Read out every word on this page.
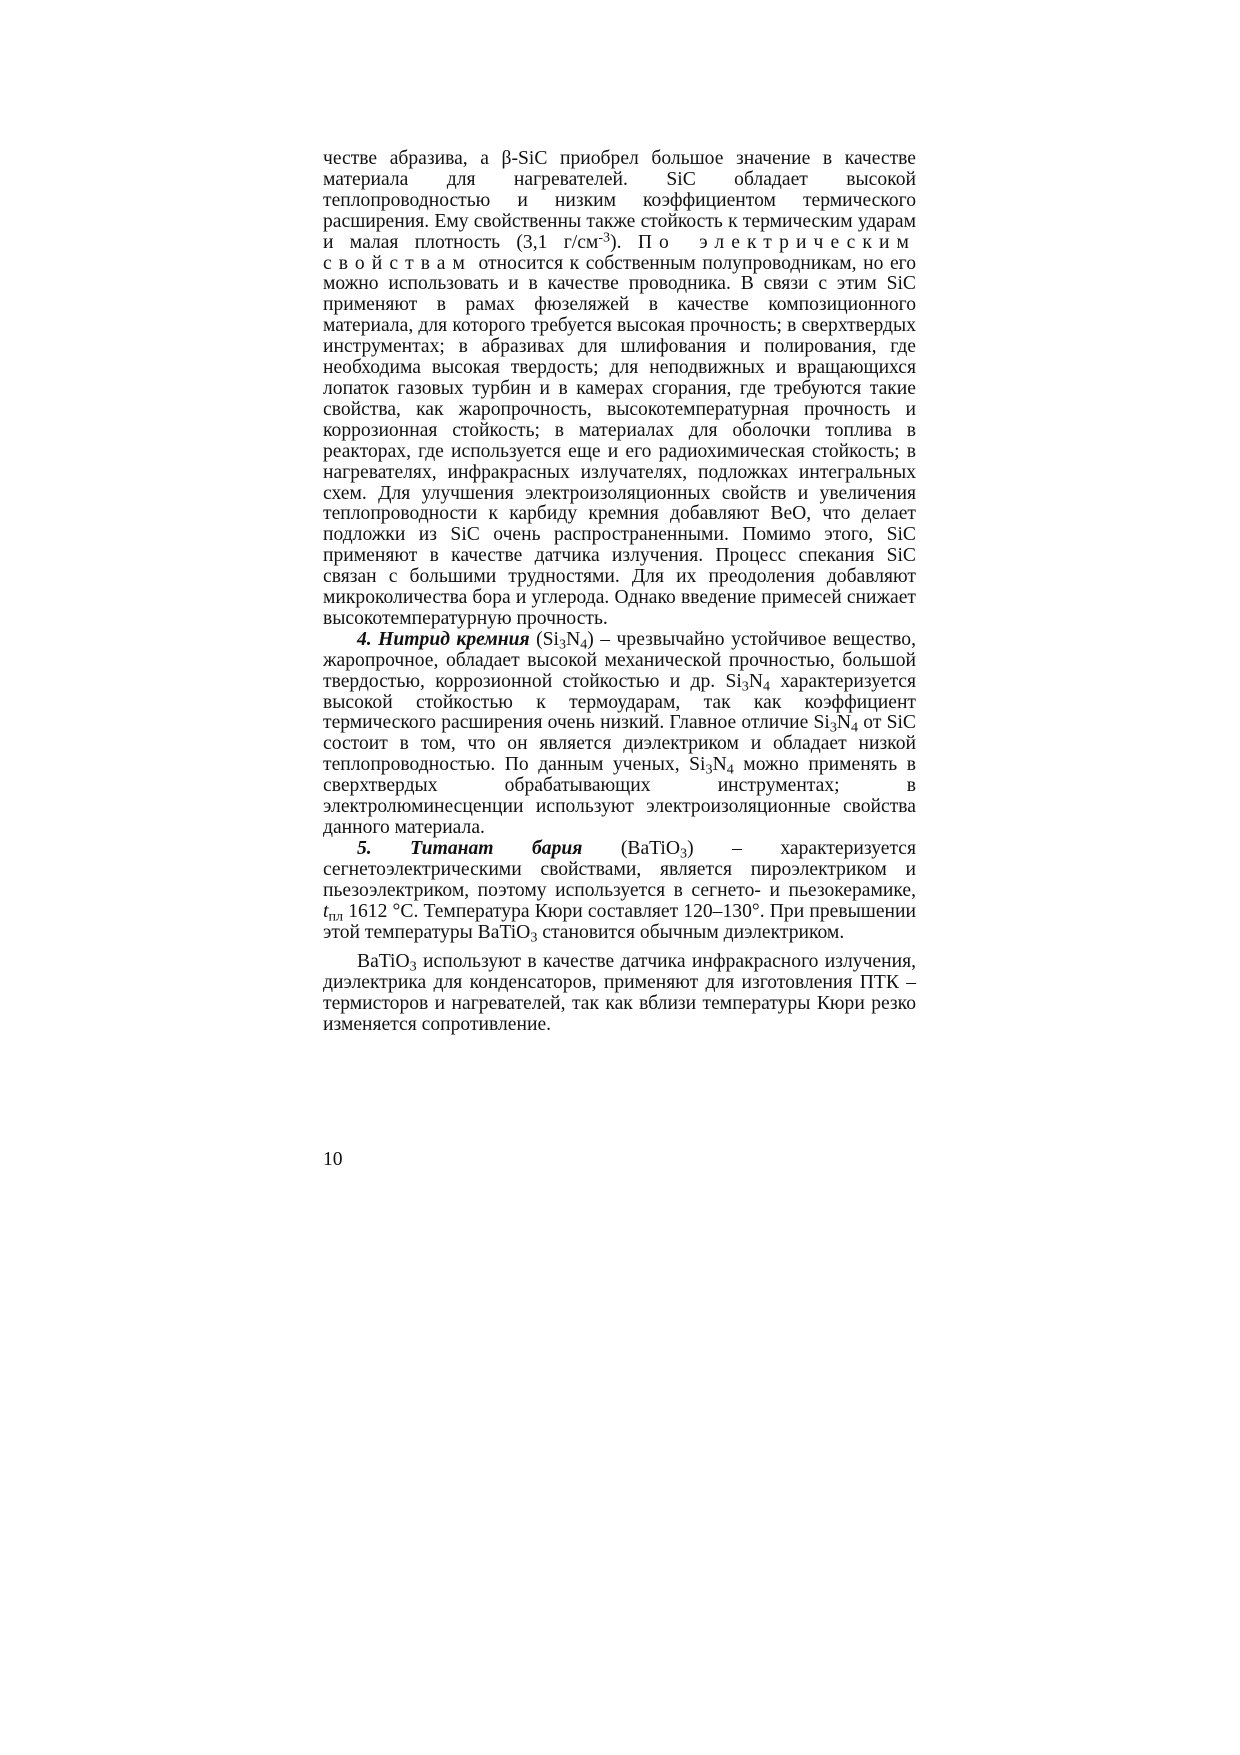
честве абразива, а β-SiC приобрел большое значение в качестве материала для нагревателей. SiC обладает высокой теплопроводностью и низким коэффициентом термического расширения. Ему свойственны также стойкость к термическим ударам и малая плотность (3,1 $г/см^{-3}$). По электрическим свойствам относится к собственным полупроводникам, но его можно использовать и в качестве проводника. В связи с этим SiC применяют в рамах фюзеляжей в качестве композиционного материала, для которого требуется высокая прочность; в сверхтвердых инструментах; в абразивах для шлифования и полирования, где необходима высокая твердость; для неподвижных и вращающихся лопаток газовых турбин и в камерах сгорания, где требуются такие свойства, как жаропрочность, высокотемпературная прочность и коррозионная стойкость; в материалах для оболочки топлива в реакторах, где используется еще и его радиохимическая стойкость; в нагревателях, инфракрасных излучателях, подложках интегральных схем. Для улучшения электроизоляционных свойств и увеличения теплопроводности к карбиду кремния добавляют BeO, что делает подложки из SiC очень распространенными. Помимо этого, SiC применяют в качестве датчика излучения. Процесс спекания SiC связан с большими трудностями. Для их преодоления добавляют микроколичества бора и углерода. Однако введение примесей снижает высокотемпературную прочность.

4. Нитрид кремния $(Si_3N_4)$ – чрезвычайно устойчивое вещество, жаропрочное, обладает высокой механической прочностью, большой твердостью, коррозионной стойкостью и др. $Si_3N_4$ характеризуется высокой стойкостью к термоударам, так как коэффициент термического расширения очень низкий. Главное отличие $Si_3N_4$ от SiC состоит в том, что он является диэлектриком и обладает низкой теплопроводностью. По данным ученых, $Si_3N_4$ можно применять в сверхтвердых обрабатывающих инструментах; в электролюминесценции используют электроизоляционные свойства данного материала.

5. Титанат бария (BaTiO$_3$) – характеризуется сегнетоэлектрическими свойствами, является пироэлектриком и пьезоэлектриком, поэтому используется в сегнето- и пьезокерамике, $t_{пл}$ 1612 °С. Температура Кюри составляет 120–130°. При превышении этой температуры BaTiO$_3$ становится обычным диэлектриком.

BaTiO$_3$ используют в качестве датчика инфракрасного излучения, диэлектрика для конденсаторов, применяют для изготовления ПТК – термисторов и нагревателей, так как вблизи температуры Кюри резко изменяется сопротивление.

10
